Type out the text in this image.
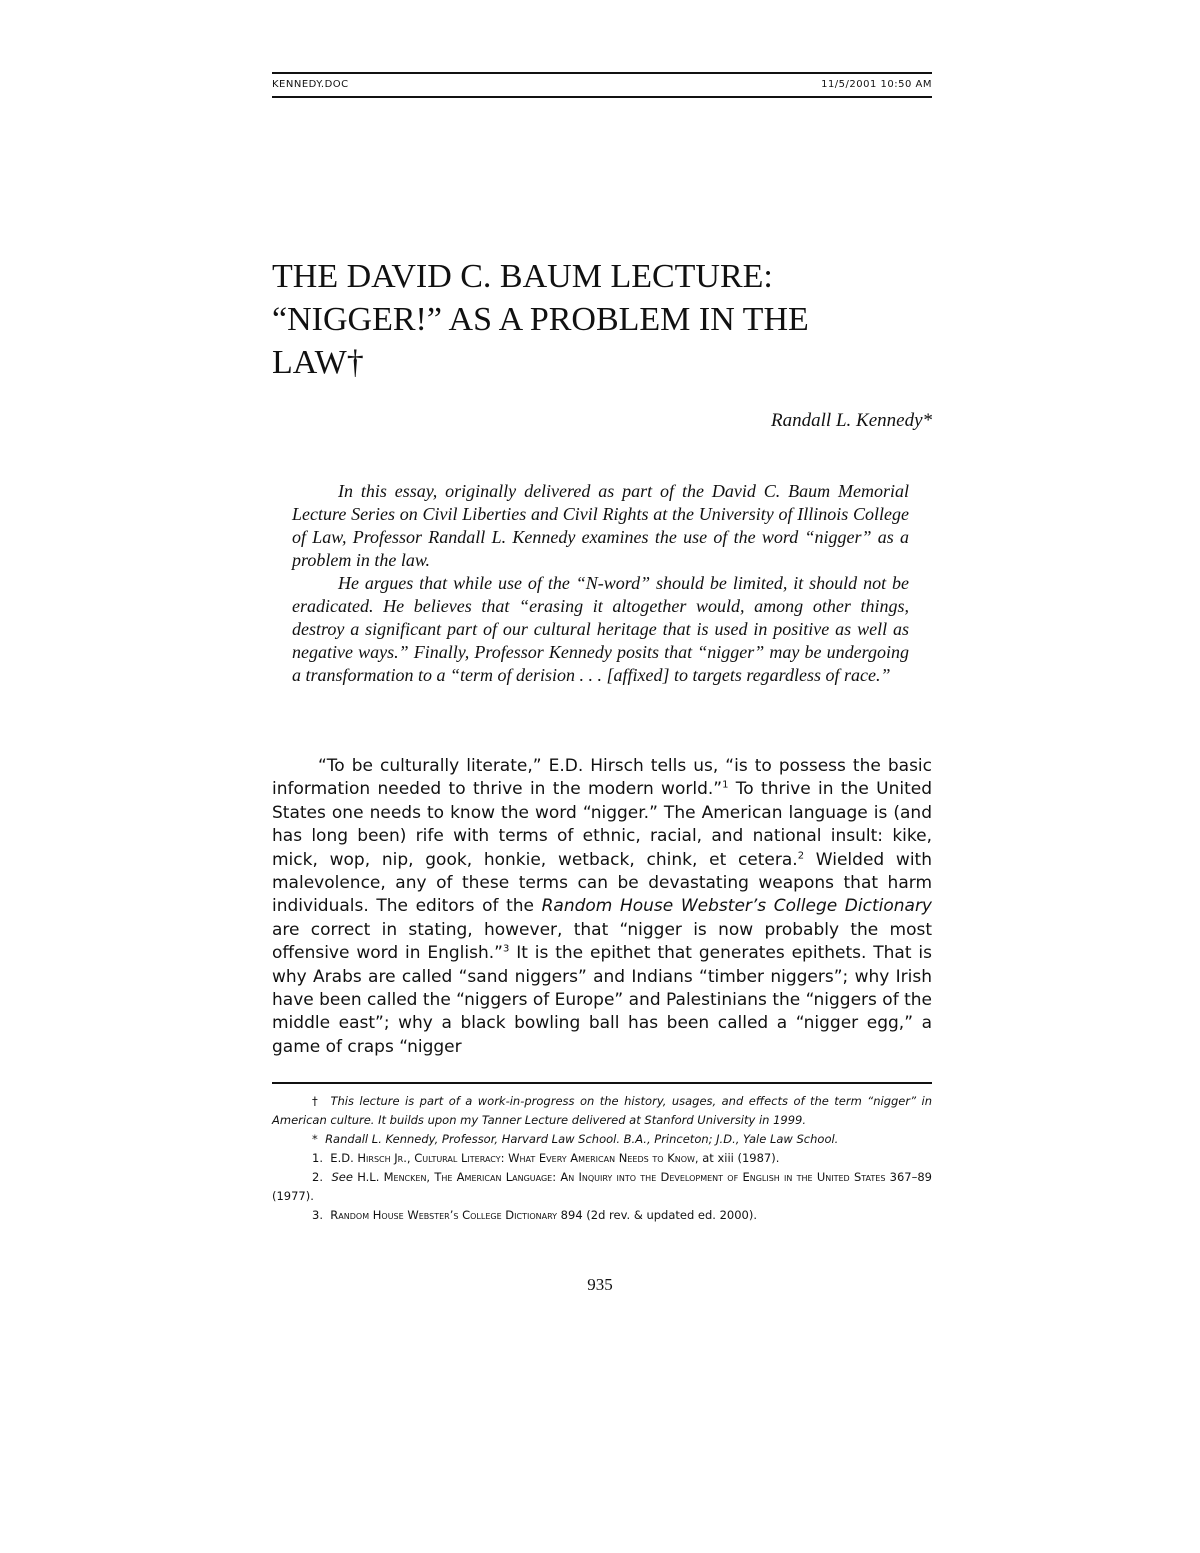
KENNEDY.DOC	11/5/2001 10:50 AM
THE DAVID C. BAUM LECTURE:
“NIGGER!” AS A PROBLEM IN THE
LAW†
Randall L. Kennedy*

In this essay, originally delivered as part of the David C. Baum Memorial Lecture Series on Civil Liberties and Civil Rights at the University of Illinois College of Law, Professor Randall L. Kennedy examines the use of the word “nigger” as a problem in the law.

He argues that while use of the “N-word” should be limited, it should not be eradicated. He believes that “erasing it altogether would, among other things, destroy a significant part of our cultural heritage that is used in positive as well as negative ways.” Finally, Professor Kennedy posits that “nigger” may be undergoing a transformation to a “term of derision . . . [affixed] to targets regardless of race.”

“To be culturally literate,” E.D. Hirsch tells us, “is to possess the basic information needed to thrive in the modern world.”$^1$ To thrive in the United States one needs to know the word “nigger.” The American language is (and has long been) rife with terms of ethnic, racial, and national insult: kike, mick, wop, nip, gook, honkie, wetback, chink, et cetera.$^2$ Wielded with malevolence, any of these terms can be devastating weapons that harm individuals. The editors of the Random House Webster’s College Dictionary are correct in stating, however, that “nigger is now probably the most offensive word in English.”$^3$ It is the epithet that generates epithets. That is why Arabs are called “sand niggers” and Indians “timber niggers”; why Irish have been called the “niggers of Europe” and Palestinians the “niggers of the middle east”; why a black bowling ball has been called a “nigger egg,” a game of craps “nigger

† This lecture is part of a work-in-progress on the history, usages, and effects of the term “nigger” in American culture. It builds upon my Tanner Lecture delivered at Stanford University in 1999.

* Randall L. Kennedy, Professor, Harvard Law School. B.A., Princeton; J.D., Yale Law School.

1. E.D. Hirsch Jr., Cultural Literacy: What Every American Needs to Know, at xiii (1987).

2. See H.L. Mencken, The American Language: An Inquiry into the Development of English in the United States 367–89 (1977).

3. Random House Webster’s College Dictionary 894 (2d rev. & updated ed. 2000).

935
